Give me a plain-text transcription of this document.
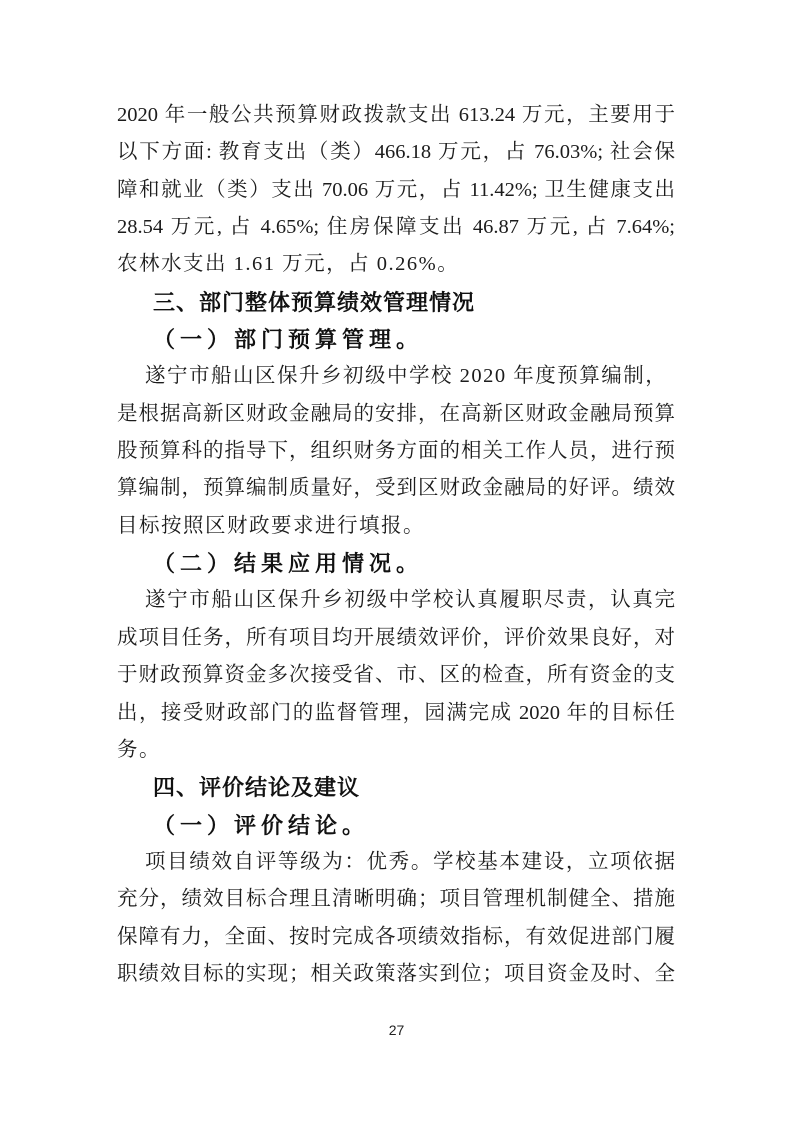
2020 年一般公共预算财政拨款支出 613.24 万元，主要用于
以下方面: 教育支出（类）466.18 万元，占 76.03%; 社会保
障和就业（类）支出 70.06 万元，占 11.42%; 卫生健康支出
28.54 万元, 占 4.65%; 住房保障支出 46.87 万元, 占 7.64%;
农林水支出 1.61 万元，占 0.26%。
三、部门整体预算绩效管理情况
（一）部门预算管理。
遂宁市船山区保升乡初级中学校 2020 年度预算编制，
是根据高新区财政金融局的安排，在高新区财政金融局预算
股预算科的指导下，组织财务方面的相关工作人员，进行预
算编制，预算编制质量好，受到区财政金融局的好评。绩效
目标按照区财政要求进行填报。
（二）结果应用情况。
遂宁市船山区保升乡初级中学校认真履职尽责，认真完
成项目任务，所有项目均开展绩效评价，评价效果良好，对
于财政预算资金多次接受省、市、区的检查，所有资金的支
出，接受财政部门的监督管理，园满完成 2020 年的目标任
务。
四、评价结论及建议
（一）评价结论。
项目绩效自评等级为：优秀。学校基本建设，立项依据
充分，绩效目标合理且清晰明确；项目管理机制健全、措施
保障有力，全面、按时完成各项绩效指标，有效促进部门履
职绩效目标的实现；相关政策落实到位；项目资金及时、全
27
